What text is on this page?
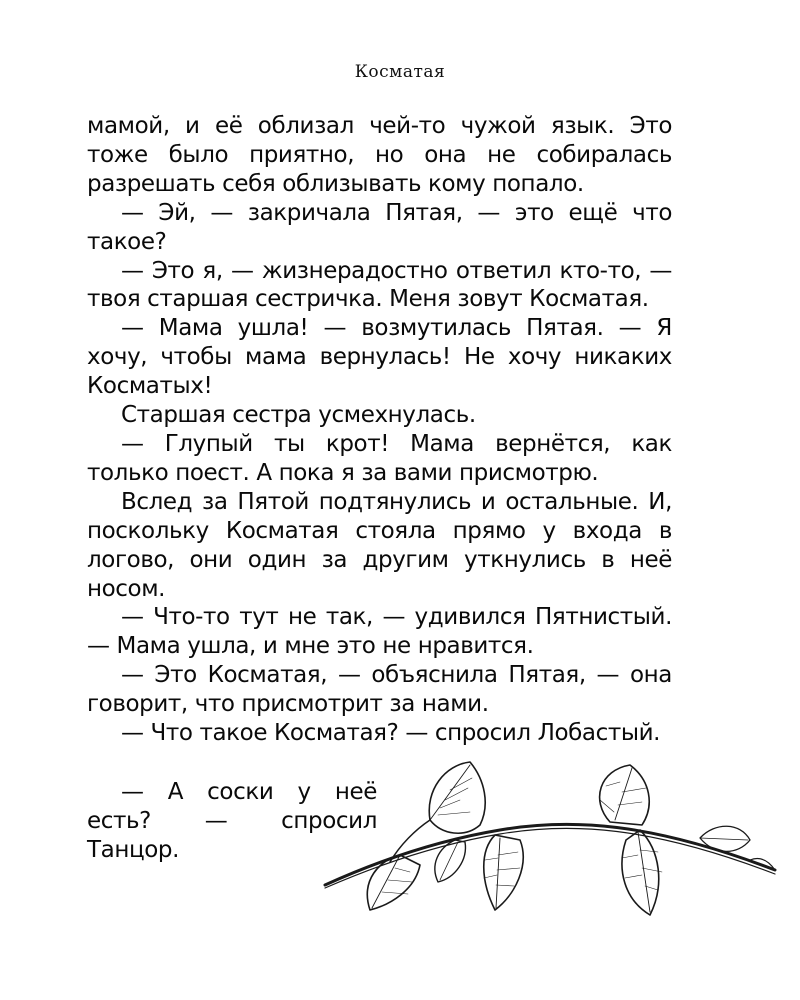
Косматая

мамой, и её облизал чей-то чужой язык. Это тоже было приятно, но она не собиралась разрешать себя облизывать кому попало.

— Эй, — закричала Пятая, — это ещё что такое?

— Это я, — жизнерадостно ответил кто-то, — твоя старшая сестричка. Меня зовут Косматая.

— Мама ушла! — возмутилась Пятая. — Я хочу, чтобы мама вернулась! Не хочу никаких Косматых!

Старшая сестра усмехнулась.

— Глупый ты крот! Мама вернётся, как только поест. А пока я за вами присмотрю.

Вслед за Пятой подтянулись и остальные. И, поскольку Косматая стояла прямо у входа в логово, они один за другим уткнулись в неё носом.

— Что-то тут не так, — удивился Пятнистый. — Мама ушла, и мне это не нравится.

— Это Косматая, — объяснила Пятая, — она говорит, что присмотрит за нами.

— Что такое Косматая? — спросил Лобастый.

— А соски у неё есть? — спросил Танцор.
